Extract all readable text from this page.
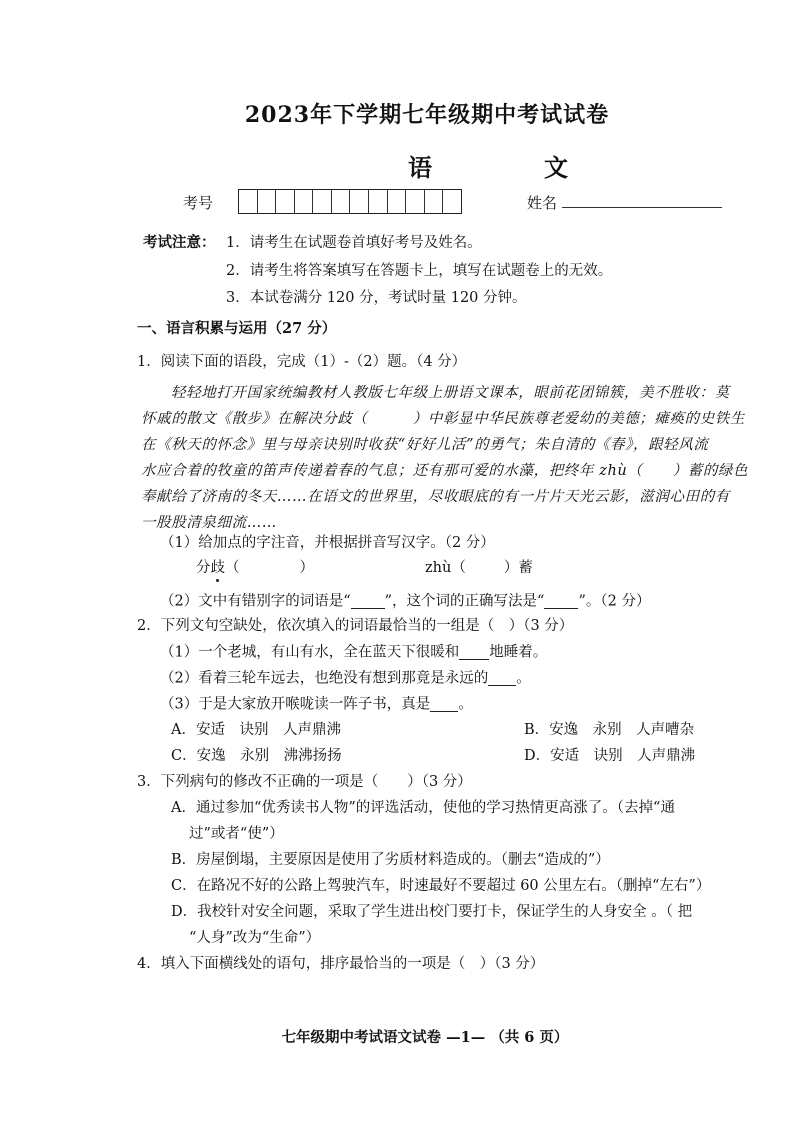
2023年下学期七年级期中考试试卷
语　文
考号	姓名
考试注意： 1．请考生在试题卷首填好考号及姓名。
2．请考生将答案填写在答题卡上，填写在试题卷上的无效。
3．本试卷满分 120 分，考试时量 120 分钟。
一、语言积累与运用（27 分）
1．阅读下面的语段，完成（1）-（2）题。（4 分）
轻轻地打开国家统编教材人教版七年级上册语文课本，眼前花团锦簇，美不胜收：莫
怀戚的散文《散步》在解决分歧（　　　）中彰显中华民族尊老爱幼的美德；瘫痪的史铁生
在《秋天的怀念》里与母亲诀别时收获“好好儿活”的勇气；朱自清的《春》，跟轻风流
水应合着的牧童的笛声传递着春的气息；还有那可爱的水藻，把终年 zhù（　　）蓄的绿色
奉献给了济南的冬天……在语文的世界里，尽收眼底的有一片片天光云影，滋润心田的有
一股股清泉细流……
（1）给加点的字注音，并根据拼音写汉字。（2 分）
分歧（	）	zhù（	）蓄
（2）文中有错别字的词语是“ ”，这个词的正确写法是“ ”。（2 分）
2．下列文句空缺处，依次填入的词语最恰当的一组是（　）（3 分）
（1）一个老城，有山有水，全在蓝天下很暖和 地睡着。
（2）看着三轮车远去，也绝没有想到那竟是永远的 。
（3）于是大家放开喉咙读一阵子书，真是 。
A．安适　诀别　人声鼎沸	B．安逸　永别　人声嘈杂
C．安逸　永别　沸沸扬扬	D．安适　诀别　人声鼎沸
3．下列病句的修改不正确的一项是（　　）（3 分）
A．通过参加“优秀读书人物”的评选活动，使他的学习热情更高涨了。（去掉“通
过”或者“使”）
B．房屋倒塌，主要原因是使用了劣质材料造成的。（删去“造成的”）
C．在路况不好的公路上驾驶汽车，时速最好不要超过 60 公里左右。（删掉“左右”）
D．我校针对安全问题，采取了学生进出校门要打卡，保证学生的人身安全 。（ 把
“人身”改为“生命”）
4．填入下面横线处的语句，排序最恰当的一项是（　）（3 分）
七年级期中考试语文试卷 —1— （共 6 页）
